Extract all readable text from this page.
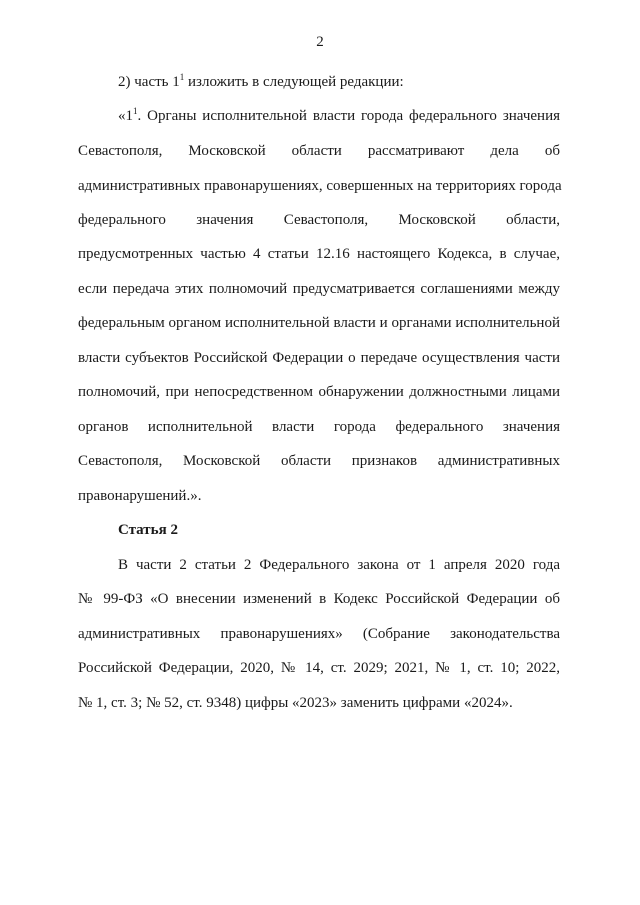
2
2) часть $1^1$ изложить в следующей редакции:
«$1^1$. Органы исполнительной власти города федерального значения
Севастополя, Московской области рассматривают дела об
административных правонарушениях, совершенных на территориях города
федерального значения Севастополя, Московской области,
предусмотренных частью 4 статьи 12.16 настоящего Кодекса, в случае,
если передача этих полномочий предусматривается соглашениями между
федеральным органом исполнительной власти и органами исполнительной
власти субъектов Российской Федерации о передаче осуществления части
полномочий, при непосредственном обнаружении должностными лицами
органов исполнительной власти города федерального значения
Севастополя, Московской области признаков административных
правонарушений.».
Статья 2
В части 2 статьи 2 Федерального закона от 1 апреля 2020 года
№ 99-ФЗ «О внесении изменений в Кодекс Российской Федерации об
административных правонарушениях» (Собрание законодательства
Российской Федерации, 2020, № 14, ст. 2029; 2021, № 1, ст. 10; 2022,
№ 1, ст. 3; № 52, ст. 9348) цифры «2023» заменить цифрами «2024».
